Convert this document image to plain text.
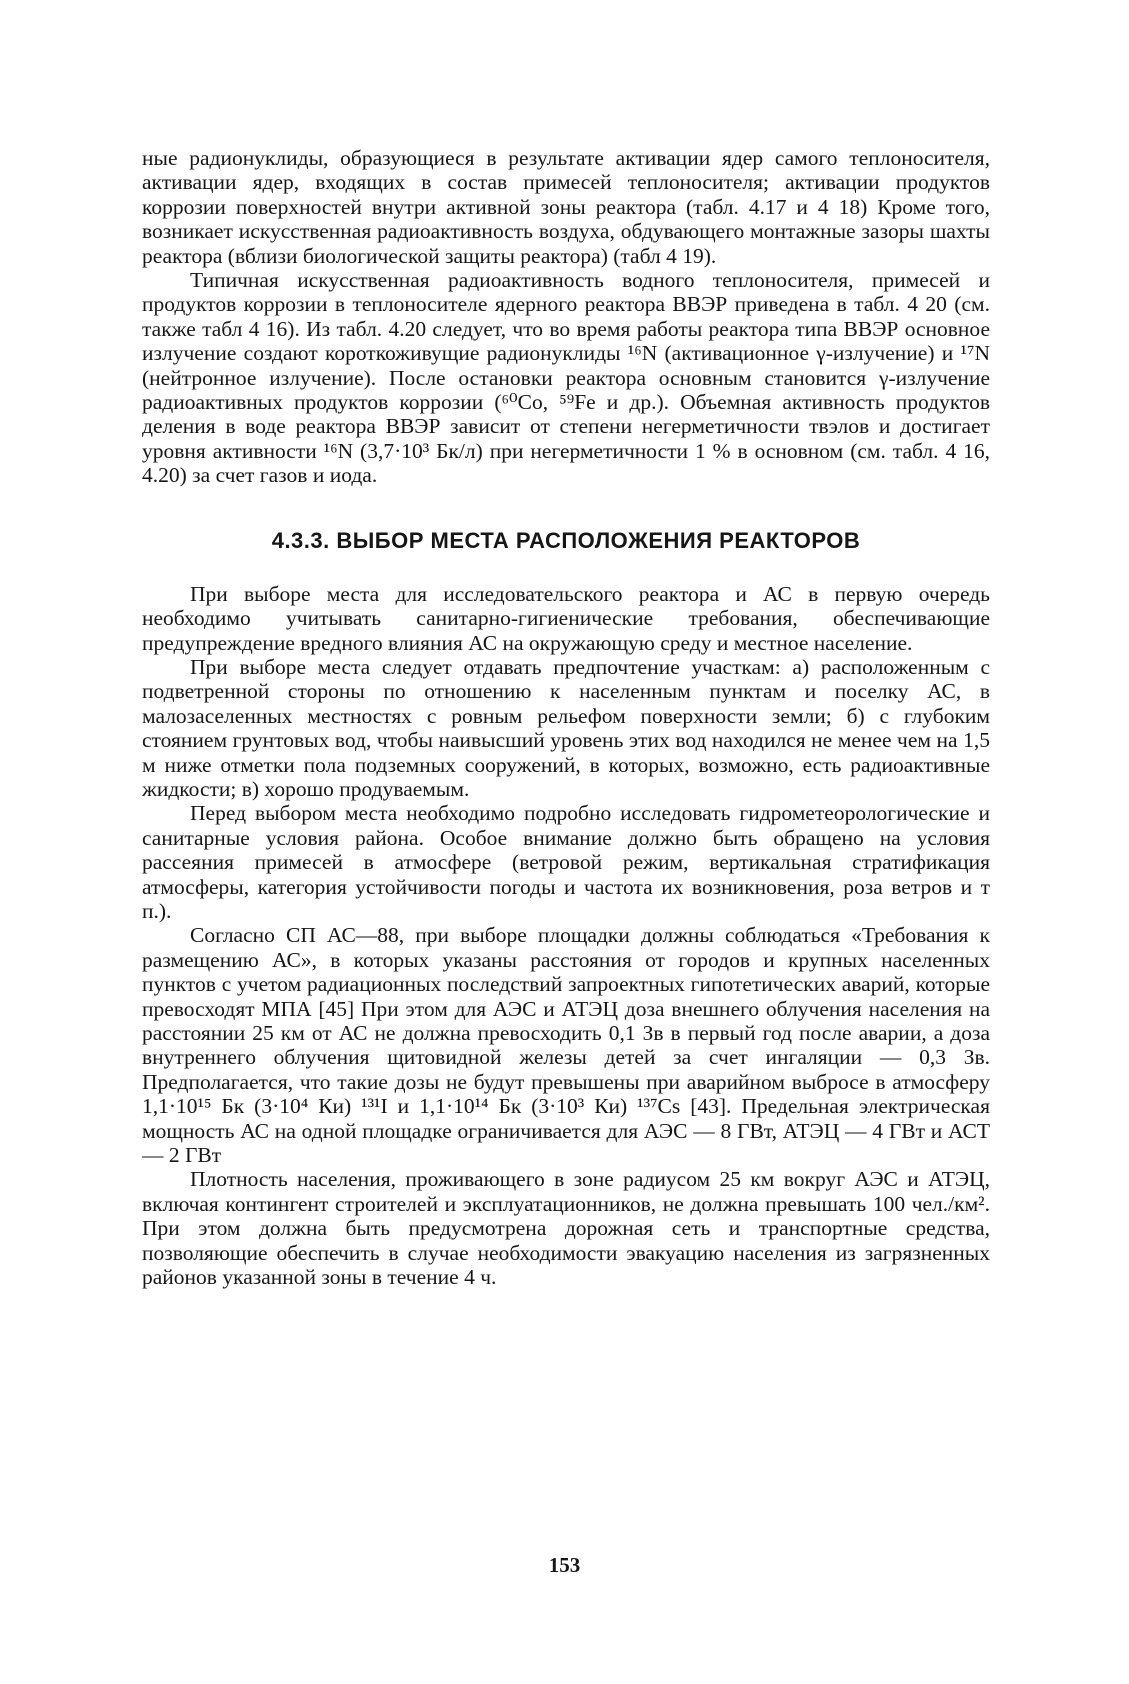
ные радионуклиды, образующиеся в результате активации ядер самого теплоносителя, активации ядер, входящих в состав примесей теплоносителя; активации продуктов коррозии поверхностей внутри активной зоны реактора (табл. 4.17 и 4 18) Кроме того, возникает искусственная радиоактивность воздуха, обдувающего монтажные зазоры шахты реактора (вблизи биологической защиты реактора) (табл 4 19).

Типичная искусственная радиоактивность водного теплоносителя, примесей и продуктов коррозии в теплоносителе ядерного реактора ВВЭР приведена в табл. 4 20 (см. также табл 4 16). Из табл. 4.20 следует, что во время работы реактора типа ВВЭР основное излучение создают короткоживущие радионуклиды ¹⁶N (активационное γ-излучение) и ¹⁷N (нейтронное излучение). После остановки реактора основным становится γ-излучение радиоактивных продуктов коррозии (⁶⁰Co, ⁵⁹Fe и др.). Объемная активность продуктов деления в воде реактора ВВЭР зависит от степени негерметичности твэлов и достигает уровня активности ¹⁶N (3,7·10³ Бк/л) при негерметичности 1 % в основном (см. табл. 4 16, 4.20) за счет газов и иода.

4.3.3. ВЫБОР МЕСТА РАСПОЛОЖЕНИЯ РЕАКТОРОВ

При выборе места для исследовательского реактора и АС в первую очередь необходимо учитывать санитарно-гигиенические требования, обеспечивающие предупреждение вредного влияния АС на окружающую среду и местное население.

При выборе места следует отдавать предпочтение участкам: а) расположенным с подветренной стороны по отношению к населенным пунктам и поселку АС, в малозаселенных местностях с ровным рельефом поверхности земли; б) с глубоким стоянием грунтовых вод, чтобы наивысший уровень этих вод находился не менее чем на 1,5 м ниже отметки пола подземных сооружений, в которых, возможно, есть радиоактивные жидкости; в) хорошо продуваемым.

Перед выбором места необходимо подробно исследовать гидрометеорологические и санитарные условия района. Особое внимание должно быть обращено на условия рассеяния примесей в атмосфере (ветровой режим, вертикальная стратификация атмосферы, категория устойчивости погоды и частота их возникновения, роза ветров и т п.).

Согласно СП АС—88, при выборе площадки должны соблюдаться «Требования к размещению АС», в которых указаны расстояния от городов и крупных населенных пунктов с учетом радиационных последствий запроектных гипотетических аварий, которые превосходят МПА [45] При этом для АЭС и АТЭЦ доза внешнего облучения населения на расстоянии 25 км от АС не должна превосходить 0,1 Зв в первый год после аварии, а доза внутреннего облучения щитовидной железы детей за счет ингаляции — 0,3 Зв. Предполагается, что такие дозы не будут превышены при аварийном выбросе в атмосферу 1,1·10¹⁵ Бк (3·10⁴ Ки) ¹³¹I и 1,1·10¹⁴ Бк (3·10³ Ки) ¹³⁷Cs [43]. Предельная электрическая мощность АС на одной площадке ограничивается для АЭС — 8 ГВт, АТЭЦ — 4 ГВт и АСТ — 2 ГВт

Плотность населения, проживающего в зоне радиусом 25 км вокруг АЭС и АТЭЦ, включая контингент строителей и эксплуатационников, не должна превышать 100 чел./км². При этом должна быть предусмотрена дорожная сеть и транспортные средства, позволяющие обеспечить в случае необходимости эвакуацию населения из загрязненных районов указанной зоны в течение 4 ч.

153
